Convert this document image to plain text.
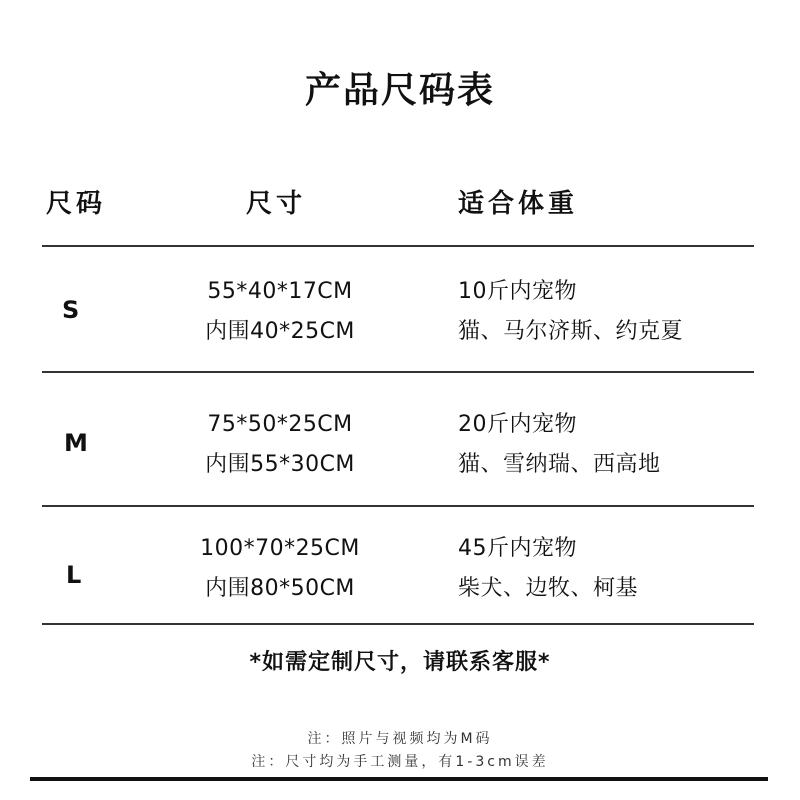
产品尺码表
尺码	尺寸	适合体重
S
55*40*17CM
内围40*25CM
10斤内宠物
猫、马尔济斯、约克夏
M
75*50*25CM
内围55*30CM
20斤内宠物
猫、雪纳瑞、西高地
L
100*70*25CM
内围80*50CM
45斤内宠物
柴犬、边牧、柯基
*如需定制尺寸，请联系客服*
注：照片与视频均为M码
注：尺寸均为手工测量，有1-3cm误差
